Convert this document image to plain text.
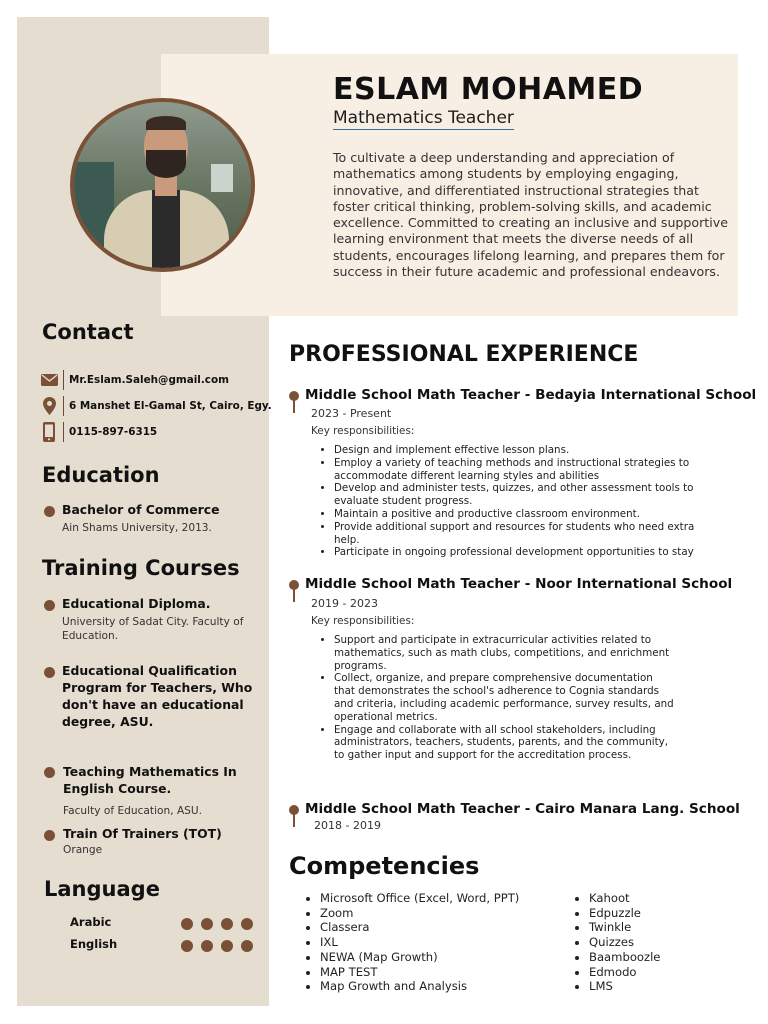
ESLAM MOHAMED
Mathematics Teacher
To cultivate a deep understanding and appreciation of mathematics among students by employing engaging, innovative, and differentiated instructional strategies that foster critical thinking, problem-solving skills, and academic excellence. Committed to creating an inclusive and supportive learning environment that meets the diverse needs of all students, encourages lifelong learning, and prepares them for success in their future academic and professional endeavors.
Contact
Mr.Eslam.Saleh@gmail.com
6 Manshet El-Gamal St, Cairo, Egy.
0115-897-6315
Education
Bachelor of Commerce
Ain Shams University, 2013.
Training Courses
Educational Diploma.
University of Sadat City. Faculty of Education.
Educational Qualification Program for Teachers, Who don't have an educational degree, ASU.
Teaching Mathematics In English Course.
Faculty of Education, ASU.
Train Of Trainers (TOT)
Orange
Language
Arabic
English
PROFESSIONAL EXPERIENCE
Middle School Math Teacher - Bedayia International School
2023 - Present
Key responsibilities:
• Design and implement effective lesson plans.
• Employ a variety of teaching methods and instructional strategies to accommodate different learning styles and abilities
• Develop and administer tests, quizzes, and other assessment tools to evaluate student progress.
• Maintain a positive and productive classroom environment.
• Provide additional support and resources for students who need extra help.
• Participate in ongoing professional development opportunities to stay
Middle School Math Teacher - Noor International School
2019 - 2023
Key responsibilities:
• Support and participate in extracurricular activities related to mathematics, such as math clubs, competitions, and enrichment programs.
• Collect, organize, and prepare comprehensive documentation that demonstrates the school's adherence to Cognia standards and criteria, including academic performance, survey results, and operational metrics.
• Engage and collaborate with all school stakeholders, including administrators, teachers, students, parents, and the community, to gather input and support for the accreditation process.
Middle School Math Teacher - Cairo Manara Lang. School
2018 - 2019
Competencies
• Microsoft Office (Excel, Word, PPT)
• Zoom
• Classera
• IXL
• NEWA (Map Growth)
• MAP TEST
• Map Growth and Analysis
• Kahoot
• Edpuzzle
• Twinkle
• Quizzes
• Baamboozle
• Edmodo
• LMS
